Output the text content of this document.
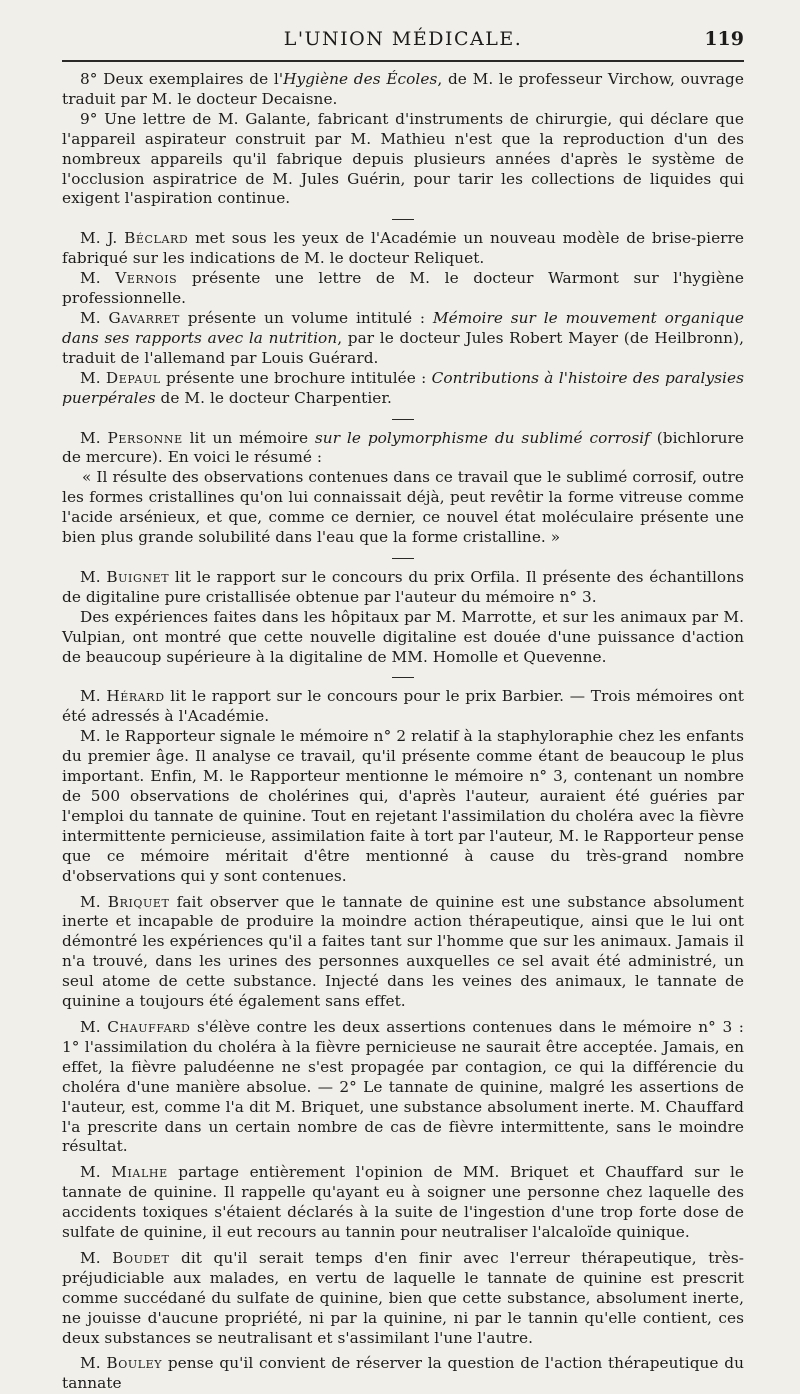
L'UNION MÉDICALE.	119

8° Deux exemplaires de l'Hygiène des Écoles, de M. le professeur Virchow, ouvrage traduit par M. le docteur Decaisne.

9° Une lettre de M. Galante, fabricant d'instruments de chirurgie, qui déclare que l'appareil aspirateur construit par M. Mathieu n'est que la reproduction d'un des nombreux appareils qu'il fabrique depuis plusieurs années d'après le système de l'occlusion aspiratrice de M. Jules Guérin, pour tarir les collections de liquides qui exigent l'aspiration continue.

M. J. Béclard met sous les yeux de l'Académie un nouveau modèle de brise-pierre fabriqué sur les indications de M. le docteur Reliquet.

M. Vernois présente une lettre de M. le docteur Warmont sur l'hygiène professionnelle.

M. Gavarret présente un volume intitulé : Mémoire sur le mouvement organique dans ses rapports avec la nutrition, par le docteur Jules Robert Mayer (de Heilbronn), traduit de l'allemand par Louis Guérard.

M. Depaul présente une brochure intitulée : Contributions à l'histoire des paralysies puerpérales de M. le docteur Charpentier.

M. Personne lit un mémoire sur le polymorphisme du sublimé corrosif (bichlorure de mercure). En voici le résumé :

« Il résulte des observations contenues dans ce travail que le sublimé corrosif, outre les formes cristallines qu'on lui connaissait déjà, peut revêtir la forme vitreuse comme l'acide arsénieux, et que, comme ce dernier, ce nouvel état moléculaire présente une bien plus grande solubilité dans l'eau que la forme cristalline. »

M. Buignet lit le rapport sur le concours du prix Orfila. Il présente des échantillons de digitaline pure cristallisée obtenue par l'auteur du mémoire n° 3.

Des expériences faites dans les hôpitaux par M. Marrotte, et sur les animaux par M. Vulpian, ont montré que cette nouvelle digitaline est douée d'une puissance d'action de beaucoup supérieure à la digitaline de MM. Homolle et Quevenne.

M. Hérard lit le rapport sur le concours pour le prix Barbier. — Trois mémoires ont été adressés à l'Académie.

M. le Rapporteur signale le mémoire n° 2 relatif à la staphyloraphie chez les enfants du premier âge. Il analyse ce travail, qu'il présente comme étant de beaucoup le plus important. Enfin, M. le Rapporteur mentionne le mémoire n° 3, contenant un nombre de 500 observations de cholérines qui, d'après l'auteur, auraient été guéries par l'emploi du tannate de quinine. Tout en rejetant l'assimilation du choléra avec la fièvre intermittente pernicieuse, assimilation faite à tort par l'auteur, M. le Rapporteur pense que ce mémoire méritait d'être mentionné à cause du très-grand nombre d'observations qui y sont contenues.

M. Briquet fait observer que le tannate de quinine est une substance absolument inerte et incapable de produire la moindre action thérapeutique, ainsi que le lui ont démontré les expériences qu'il a faites tant sur l'homme que sur les animaux. Jamais il n'a trouvé, dans les urines des personnes auxquelles ce sel avait été administré, un seul atome de cette substance. Injecté dans les veines des animaux, le tannate de quinine a toujours été également sans effet.

M. Chauffard s'élève contre les deux assertions contenues dans le mémoire n° 3 : 1° l'assimilation du choléra à la fièvre pernicieuse ne saurait être acceptée. Jamais, en effet, la fièvre paludéenne ne s'est propagée par contagion, ce qui la différencie du choléra d'une manière absolue. — 2° Le tannate de quinine, malgré les assertions de l'auteur, est, comme l'a dit M. Briquet, une substance absolument inerte. M. Chauffard l'a prescrite dans un certain nombre de cas de fièvre intermittente, sans le moindre résultat.

M. Mialhe partage entièrement l'opinion de MM. Briquet et Chauffard sur le tannate de quinine. Il rappelle qu'ayant eu à soigner une personne chez laquelle des accidents toxiques s'étaient déclarés à la suite de l'ingestion d'une trop forte dose de sulfate de quinine, il eut recours au tannin pour neutraliser l'alcaloïde quinique.

M. Boudet dit qu'il serait temps d'en finir avec l'erreur thérapeutique, très-préjudiciable aux malades, en vertu de laquelle le tannate de quinine est prescrit comme succédané du sulfate de quinine, bien que cette substance, absolument inerte, ne jouisse d'aucune propriété, ni par la quinine, ni par le tannin qu'elle contient, ces deux substances se neutralisant et s'assimilant l'une l'autre.

M. Bouley pense qu'il convient de réserver la question de l'action thérapeutique du tannate
